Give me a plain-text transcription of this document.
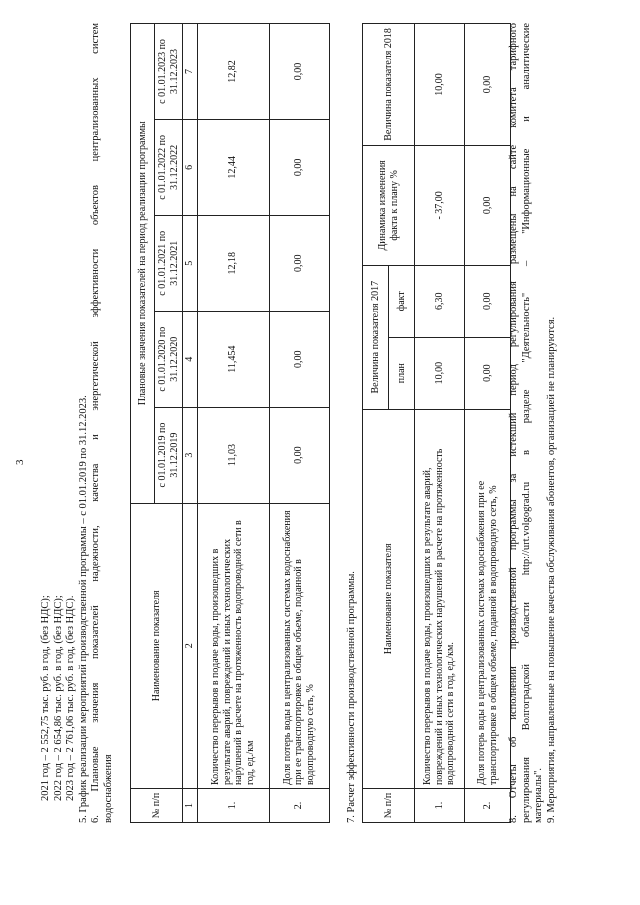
3
2021 год – 2 552,75 тыс. руб. в год, (без НДС); 2022 год – 2 654,86 тыс. руб. в год, (без НДС); 2023 год – 2 761,06 тыс. руб. в год, (без НДС). 5. График реализации мероприятий производственной программы – с 01.01.2019 по 31.12.2023. 6. Плановые значения показателей надежности, качества и энергетической эффективности объектов централизованных систем водоснабжения	№ п/п	Наименование показателя	Плановые значения показателей на период реализации программы				
		с 01.01.2019 по 31.12.2019	с 01.01.2020 по 31.12.2020	с 01.01.2021 по 31.12.2021	с 01.01.2022 по 31.12.2022	с 01.01.2023 по 31.12.2023
1	2	3	4	5	6	7
1.	Количество перерывов в подаче воды, произошедших в результате аварий, повреждений и иных технологических нарушений в расчете на протяженность водопроводной сети в год, ед./км	11,03	11,454	12,18	12,44	12,82
2.	Доля потерь воды в централизованных системах водоснабжения при ее транспортировке в общем объеме, поданной в водопроводную сеть, %	0,00	0,00	0,00	0,00	0,00
7. Расчет эффективности производственной программы.	№ п/п	Наименование показателя	Величина показателя 2017		Динамика изменения факта к плану %	Величина показателя 2018
		план	факт		
1.	Количество перерывов в подаче воды, произошедших в результате аварий, повреждений и иных технологических нарушений в расчете на протяженность водопроводной сети в год, ед./км.	10,00	6,30	- 37,00	10,00
2.	Доля потерь воды в централизованных системах водоснабжения при ее транспортировке в общем объеме, поданной в водопроводную сеть, %	0,00	0,00	0,00	0,00 8. Отчеты об исполнении производственной программы за истекший период регулирования размещены на сайте комитета тарифного регулирования Волгоградской области http://urt.volgograd.ru в разделе "Деятельность" – "Информационные и аналитические материалы". 9. Мероприятия, направленные на повышение качества обслуживания абонентов, организацией не планируются.
